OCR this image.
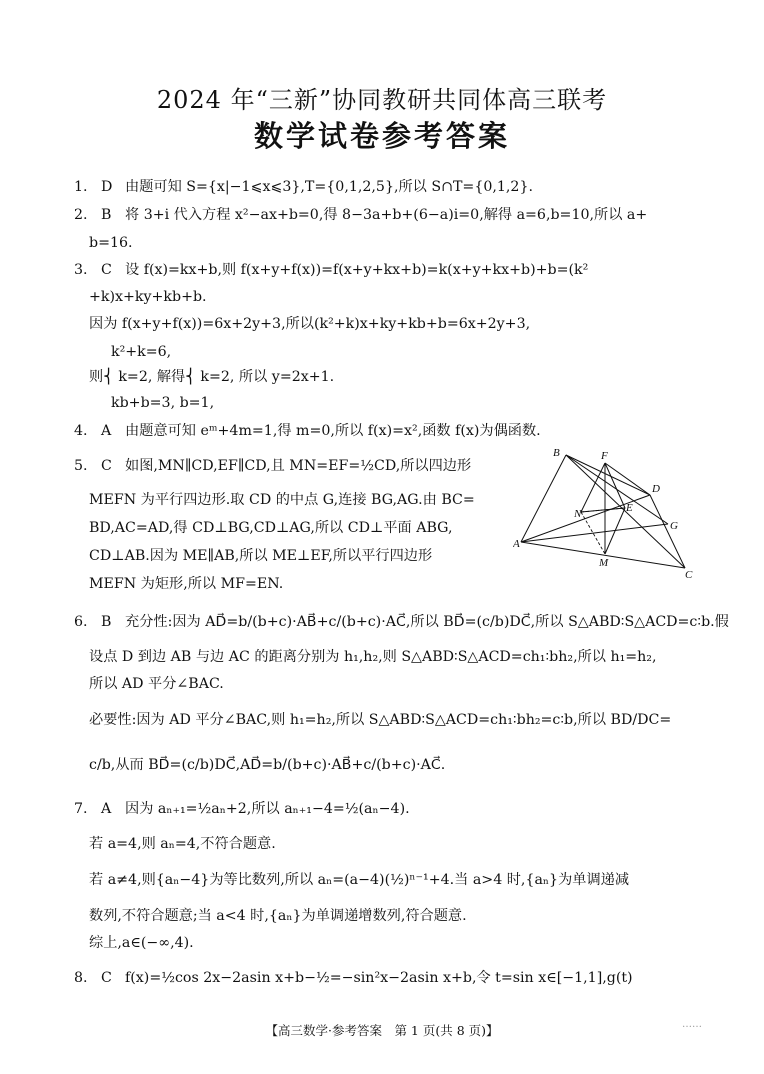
2024 年“三新”协同教研共同体高三联考
数学试卷参考答案
1. D 由题可知 S={x|−1⩽x⩽3},T={0,1,2,5},所以 S∩T={0,1,2}.
2. B 将 3+i 代入方程 x²−ax+b=0,得 8−3a+b+(6−a)i=0,解得 a=6,b=10,所以 a+
b=16.
3. C 设 f(x)=kx+b,则 f(x+y+f(x))=f(x+y+kx+b)=k(x+y+kx+b)+b=(k²
+k)x+ky+kb+b.
因为 f(x+y+f(x))=6x+2y+3,所以(k²+k)x+ky+kb+b=6x+2y+3,
k²+k=6,
则⎨ k=2, 解得⎨ k=2, 所以 y=2x+1.
kb+b=3, b=1,
4. A 由题意可知 eᵐ+4m=1,得 m=0,所以 f(x)=x²,函数 f(x)为偶函数.
5. C 如图,MN∥CD,EF∥CD,且 MN=EF=½CD,所以四边形
MEFN 为平行四边形.取 CD 的中点 G,连接 BG,AG.由 BC=
BD,AC=AD,得 CD⊥BG,CD⊥AG,所以 CD⊥平面 ABG,
CD⊥AB.因为 ME∥AB,所以 ME⊥EF,所以平行四边形
MEFN 为矩形,所以 MF=EN.
B	F
D
N	E
G
A
M
C
6. B 充分性:因为 AD⃗=b/(b+c)·AB⃗+c/(b+c)·AC⃗,所以 BD⃗=(c/b)DC⃗,所以 S△ABD∶S△ACD=c∶b.假
设点 D 到边 AB 与边 AC 的距离分别为 h₁,h₂,则 S△ABD∶S△ACD=ch₁∶bh₂,所以 h₁=h₂,
所以 AD 平分∠BAC.
必要性:因为 AD 平分∠BAC,则 h₁=h₂,所以 S△ABD∶S△ACD=ch₁∶bh₂=c∶b,所以 BD/DC=
c/b,从而 BD⃗=(c/b)DC⃗,AD⃗=b/(b+c)·AB⃗+c/(b+c)·AC⃗.
7. A 因为 aₙ₊₁=½aₙ+2,所以 aₙ₊₁−4=½(aₙ−4).
若 a=4,则 aₙ=4,不符合题意.
若 a≠4,则{aₙ−4}为等比数列,所以 aₙ=(a−4)(½)ⁿ⁻¹+4.当 a>4 时,{aₙ}为单调递减
数列,不符合题意;当 a<4 时,{aₙ}为单调递增数列,符合题意.
综上,a∈(−∞,4).
8. C f(x)=½cos 2x−2asin x+b−½=−sin²x−2asin x+b,令 t=sin x∈[−1,1],g(t)
【高三数学·参考答案　第 1 页(共 8 页)】	……
